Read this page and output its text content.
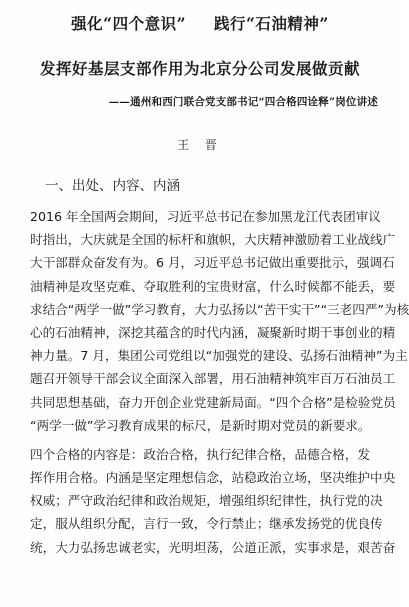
强化“四个意识” 践行“石油精神”
发挥好基层支部作用为北京分公司发展做贡献
——通州和西门联合党支部书记“四合格四诠释”岗位讲述
王 晋
一、出处、内容、内涵
2016 年全国两会期间，习近平总书记在参加黑龙江代表团审议
时指出，大庆就是全国的标杆和旗帜，大庆精神激励着工业战线广
大干部群众奋发有为。6 月，习近平总书记做出重要批示，强调石
油精神是攻坚克难、夺取胜利的宝贵财富，什么时候都不能丢，要
求结合“两学一做”学习教育，大力弘扬以“苦干实干”“三老四严”为核
心的石油精神，深挖其蕴含的时代内涵，凝聚新时期干事创业的精
神力量。7 月，集团公司党组以“加强党的建设、弘扬石油精神”为主
题召开领导干部会议全面深入部署，用石油精神筑牢百万石油员工
共同思想基础，奋力开创企业党建新局面。“四个合格”是检验党员
“两学一做”学习教育成果的标尺，是新时期对党员的新要求。
四个合格的内容是：政治合格，执行纪律合格，品德合格，发
挥作用合格。内涵是坚定理想信念，站稳政治立场，坚决维护中央
权威；严守政治纪律和政治规矩，增强组织纪律性，执行党的决
定，服从组织分配，言行一致，令行禁止；继承发扬党的优良传
统，大力弘扬忠诚老实，光明坦荡，公道正派，实事求是，艰苦奋
